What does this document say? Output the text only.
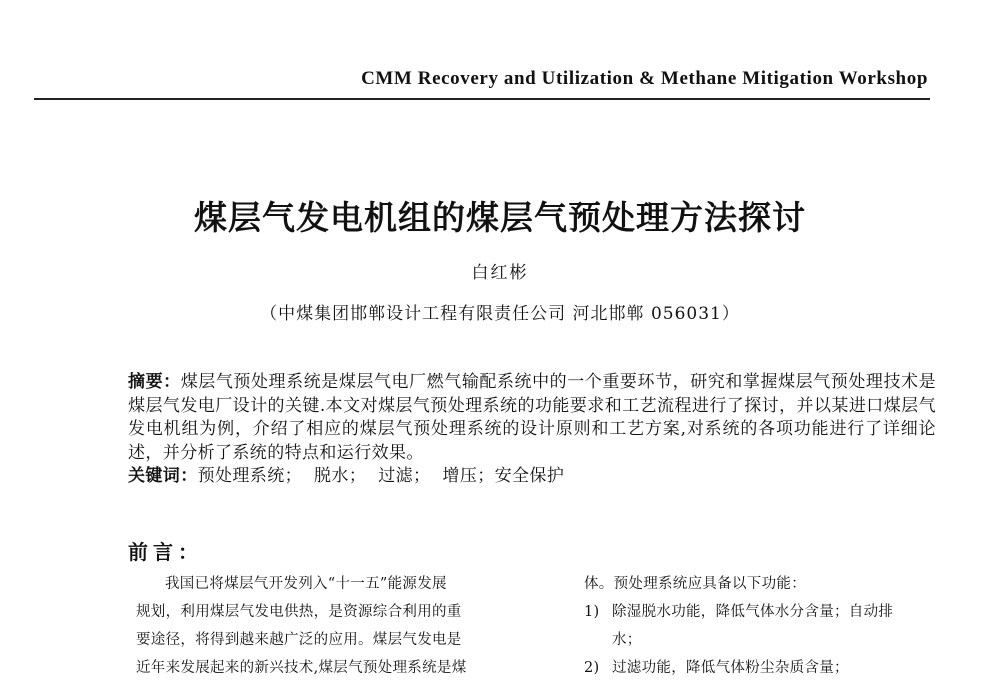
CMM Recovery and Utilization & Methane Mitigation Workshop
煤层气发电机组的煤层气预处理方法探讨
白红彬
（中煤集团邯郸设计工程有限责任公司 河北邯郸 056031）
摘要：煤层气预处理系统是煤层气电厂燃气输配系统中的一个重要环节，研究和掌握煤层气预处理技术是煤层气发电厂设计的关键.本文对煤层气预处理系统的功能要求和工艺流程进行了探讨，并以某进口煤层气发电机组为例，介绍了相应的煤层气预处理系统的设计原则和工艺方案,对系统的各项功能进行了详细论述，并分析了系统的特点和运行效果。
关键词：预处理系统； 脱水； 过滤； 增压；安全保护
前言：
我国已将煤层气开发列入“十一五”能源发展
规划，利用煤层气发电供热，是资源综合利用的重
要途径，将得到越来越广泛的应用。煤层气发电是
近年来发展起来的新兴技术,煤层气预处理系统是煤
体。预处理系统应具备以下功能：
1) 除湿脱水功能，降低气体水分含量；自动排
水；
2) 过滤功能，降低气体粉尘杂质含量；
